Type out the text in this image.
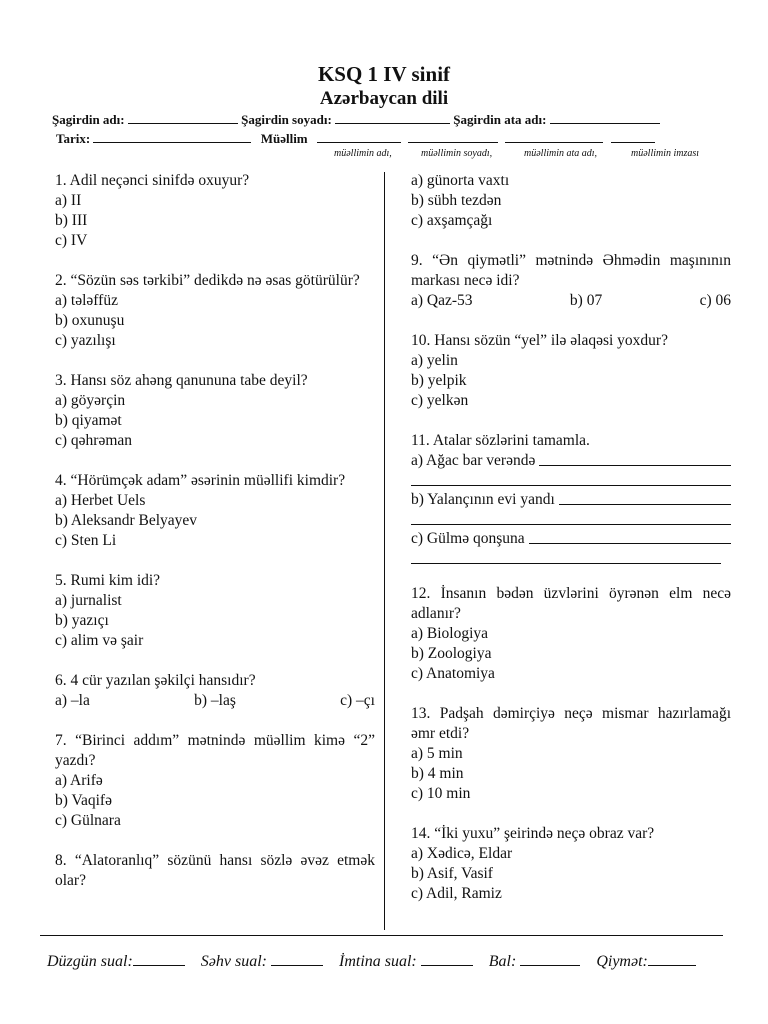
KSQ 1 IV sinif
Azərbaycan dili
Şagirdin adı:	Şagirdin soyadı:	Şagirdin ata adı:
Tarix:	Müəllim
müəllimin adı,	müəllimin soyadı,	müəllimin ata adı,	müəllimin imzası

1. Adil neçənci sinifdə oxuyur?

a) II

b) III

c) IV

2. “Sözün səs tərkibi” dedikdə nə əsas götürülür?

a) tələffüz

b) oxunuşu

c) yazılışı

3. Hansı söz ahəng qanununa tabe deyil?

a) göyərçin

b) qiyamət

c) qəhrəman

4. “Hörümçək adam” əsərinin müəllifi kimdir?

a) Herbet Uels

b) Aleksandr Belyayev

c) Sten Li

5. Rumi kim idi?

a) jurnalist

b) yazıçı

c) alim və şair

6. 4 cür yazılan şəkilçi hansıdır?

a) –la	b) –laş	c) –çı

7. “Birinci addım” mətnində müəllim kimə “2” yazdı?

a) Arifə

b) Vaqifə

c) Gülnara

8. “Alatoranlıq” sözünü hansı sözlə əvəz etmək olar?

a) günorta vaxtı

b) sübh tezdən

c) axşamçağı

9. “Ən qiymətli” mətnində Əhmədin maşınının markası necə idi?

a) Qaz-53	b) 07	c) 06

10. Hansı sözün “yel” ilə əlaqəsi yoxdur?

a) yelin

b) yelpik

c) yelkən

11. Atalar sözlərini tamamla.

a) Ağac bar verəndə
b) Yalançının evi yandı
c) Gülmə qonşuna

12. İnsanın bədən üzvlərini öyrənən elm necə adlanır?

a) Biologiya

b) Zoologiya

c) Anatomiya

13. Padşah dəmirçiyə neçə mismar hazırlamağı əmr etdi?

a) 5 min

b) 4 min

c) 10 min

14. “İki yuxu” şeirində neçə obraz var?

a) Xədicə, Eldar

b) Asif, Vasif

c) Adil, Ramiz

Düzgün sual:	Səhv sual:	İmtina sual:	Bal:	Qiymət:
